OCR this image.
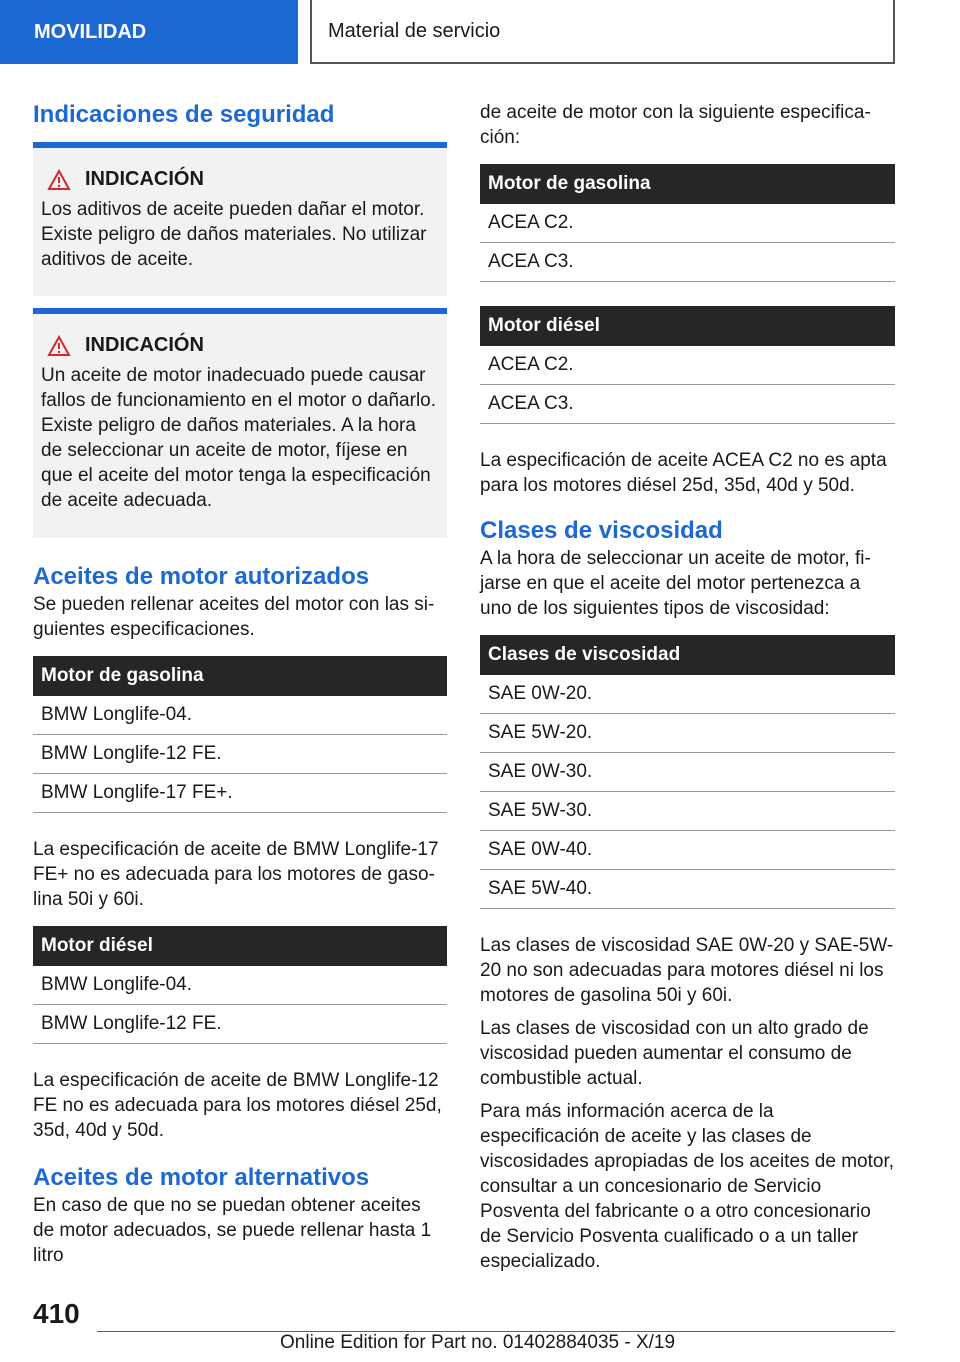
MOVILIDAD	Material de servicio
Indicaciones de seguridad
INDICACIÓN

Los aditivos de aceite pueden dañar el motor. Existe peligro de daños materiales. No utilizar aditivos de aceite.

INDICACIÓN

Un aceite de motor inadecuado puede causar fallos de funcionamiento en el motor o dañarlo. Existe peligro de daños materiales. A la hora de seleccionar un aceite de motor, fíjese en que el aceite del motor tenga la especificación de aceite adecuada.

Aceites de motor autorizados

Se pueden rellenar aceites del motor con las siguientes especificaciones.

Motor de gasolina
BMW Longlife-04.
BMW Longlife-12 FE.
BMW Longlife-17 FE+.

La especificación de aceite de BMW Longlife-17 FE+ no es adecuada para los motores de gasolina 50i y 60i.

Motor diésel
BMW Longlife-04.
BMW Longlife-12 FE.

La especificación de aceite de BMW Longlife-12 FE no es adecuada para los motores diésel 25d, 35d, 40d y 50d.

Aceites de motor alternativos

En caso de que no se puedan obtener aceites de motor adecuados, se puede rellenar hasta 1 litro

de aceite de motor con la siguiente especificación:

Motor de gasolina
ACEA C2.
ACEA C3.
Motor diésel
ACEA C2.
ACEA C3.

La especificación de aceite ACEA C2 no es apta para los motores diésel 25d, 35d, 40d y 50d.

Clases de viscosidad

A la hora de seleccionar un aceite de motor, fijarse en que el aceite del motor pertenezca a uno de los siguientes tipos de viscosidad:

Clases de viscosidad
SAE 0W-20.
SAE 5W-20.
SAE 0W-30.
SAE 5W-30.
SAE 0W-40.
SAE 5W-40.

Las clases de viscosidad SAE 0W-20 y SAE-5W-20 no son adecuadas para motores diésel ni los motores de gasolina 50i y 60i.

Las clases de viscosidad con un alto grado de viscosidad pueden aumentar el consumo de combustible actual.

Para más información acerca de la especificación de aceite y las clases de viscosidades apropiadas de los aceites de motor, consultar a un concesionario de Servicio Posventa del fabricante o a otro concesionario de Servicio Posventa cualificado o a un taller especializado.

410
Online Edition for Part no. 01402884035 - X/19
